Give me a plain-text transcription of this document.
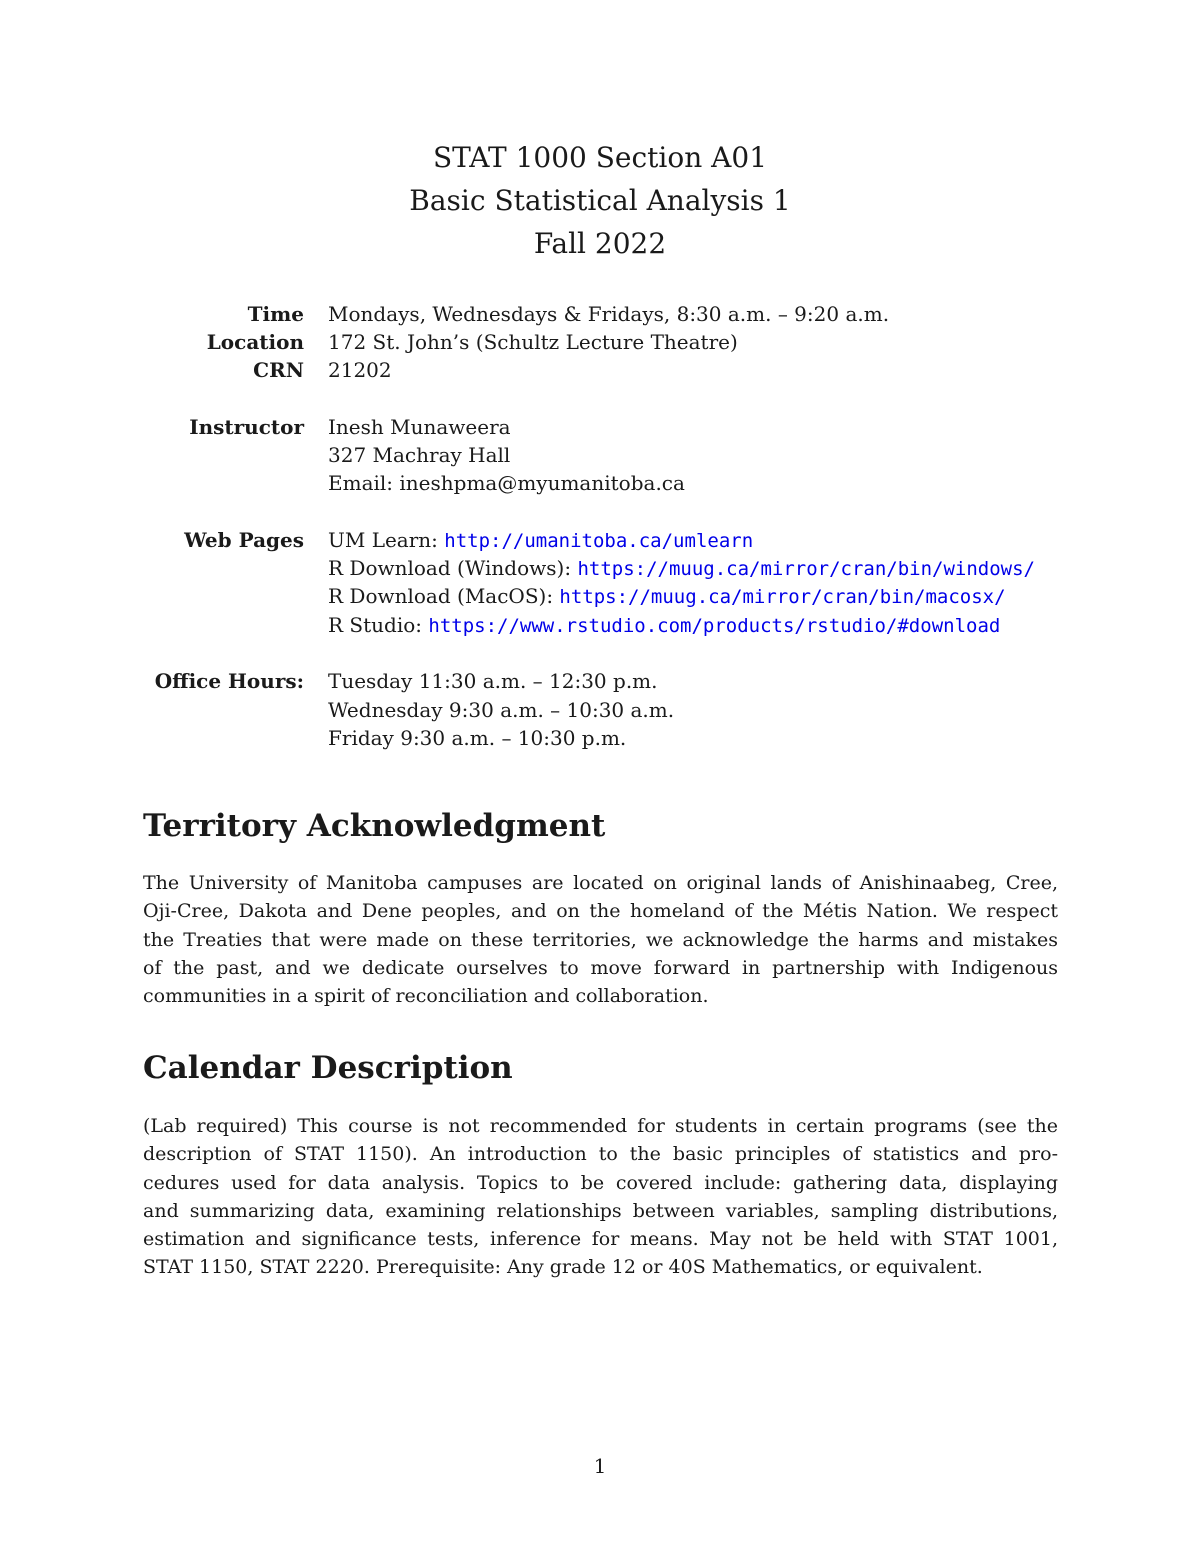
STAT 1000 Section A01
Basic Statistical Analysis 1
Fall 2022
Time Mondays, Wednesdays & Fridays, 8:30 a.m. – 9:20 a.m.
Location 172 St. John’s (Schultz Lecture Theatre)
CRN 21202
Instructor Inesh Munaweera
327 Machray Hall
Email: ineshpma@myumanitoba.ca
Web Pages UM Learn: http://umanitoba.ca/umlearn
R Download (Windows): https://muug.ca/mirror/cran/bin/windows/
R Download (MacOS): https://muug.ca/mirror/cran/bin/macosx/
R Studio: https://www.rstudio.com/products/rstudio/#download
Office Hours: Tuesday 11:30 a.m. – 12:30 p.m.
Wednesday 9:30 a.m. – 10:30 a.m.
Friday 9:30 a.m. – 10:30 p.m.
Territory Acknowledgment
The University of Manitoba campuses are located on original lands of Anishinaabeg, Cree,
Oji-Cree, Dakota and Dene peoples, and on the homeland of the Métis Nation. We respect
the Treaties that were made on these territories, we acknowledge the harms and mistakes
of the past, and we dedicate ourselves to move forward in partnership with Indigenous
communities in a spirit of reconciliation and collaboration.
Calendar Description
(Lab required) This course is not recommended for students in certain programs (see the
description of STAT 1150). An introduction to the basic principles of statistics and pro-
cedures used for data analysis. Topics to be covered include: gathering data, displaying
and summarizing data, examining relationships between variables, sampling distributions,
estimation and significance tests, inference for means. May not be held with STAT 1001,
STAT 1150, STAT 2220. Prerequisite: Any grade 12 or 40S Mathematics, or equivalent.
1
